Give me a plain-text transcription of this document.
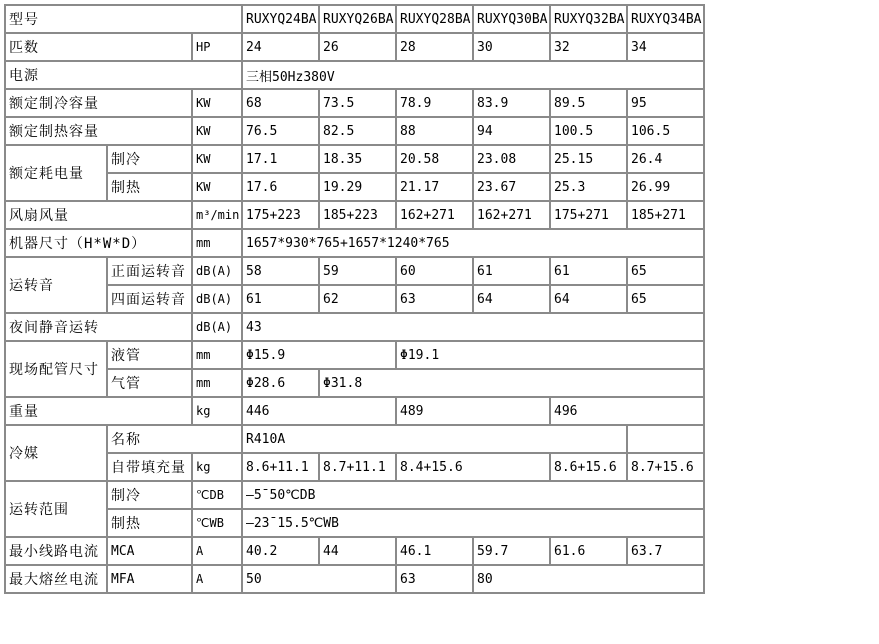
型号			RUXYQ24BA	RUXYQ26BA	RUXYQ28BA	RUXYQ30BA	RUXYQ32BA	RUXYQ34BA
匹数		HP	24	26	28	30	32	34
电源			三相50Hz380V					
额定制冷容量		KW	68	73.5	78.9	83.9	89.5	95
额定制热容量		KW	76.5	82.5	88	94	100.5	106.5
额定耗电量	制冷	KW	17.1	18.35	20.58	23.08	25.15	26.4
	制热	KW	17.6	19.29	21.17	23.67	25.3	26.99
风扇风量		m³/min	175+223	185+223	162+271	162+271	175+271	185+271
机器尺寸（H*W*D）		mm	1657*930*765+1657*1240*765					
运转音	正面运转音	dB(A)	58	59	60	61	61	65
	四面运转音	dB(A)	61	62	63	64	64	65
夜间静音运转		dB(A)	43					
现场配管尺寸	液管	mm	Φ15.9		Φ19.1			
	气管	mm	Φ28.6	Φ31.8				
重量		kg	446		489		496	
冷媒	名称		R410A					
	自带填充量	kg	8.6+11.1	8.7+11.1	8.4+15.6		8.6+15.6	8.7+15.6
运转范围	制冷	℃DB	–5¯50℃DB					
	制热	℃WB	–23¯15.5℃WB					
最小线路电流	MCA	A	40.2	44	46.1	59.7	61.6	63.7
最大熔丝电流	MFA	A	50		63	80		
